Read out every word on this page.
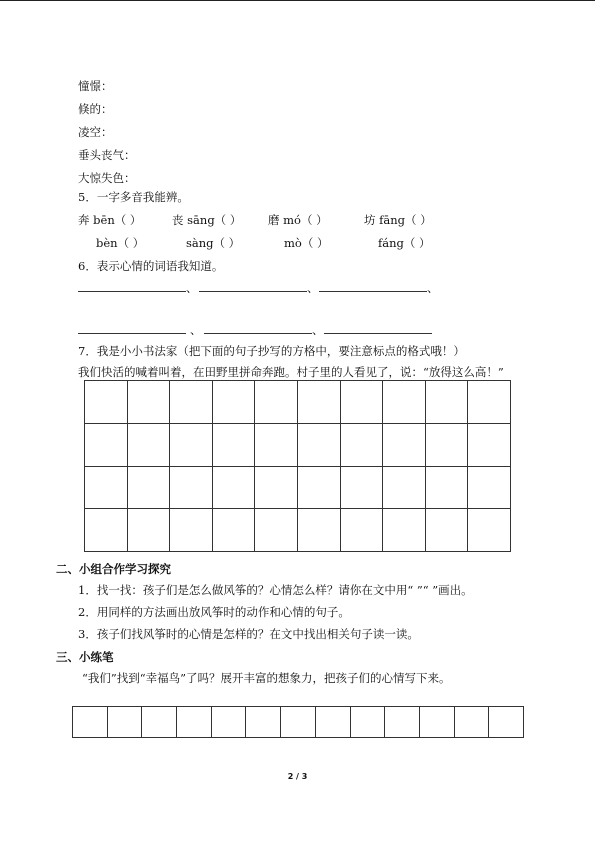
憧憬：
倏的：
凌空：
垂头丧气：
大惊失色：
5．一字多音我能辨。
奔 bēn（ ）	丧 sāng（ ） 磨 mó（ ）	坊 fāng（ ）
bèn（ ）	sàng（ ）	mò（ ）	fáng（ ）
6．表示心情的词语我知道。
、	、	、
、	、
7．我是小小书法家（把下面的句子抄写的方格中，要注意标点的格式哦！）
我们快活的喊着叫着，在田野里拼命奔跑。村子里的人看见了，说：“放得这么高！”

二、小组合作学习探究
1．找一找：孩子们是怎么做风筝的？心情怎么样？请你在文中用“ ”“ ”画出。
2．用同样的方法画出放风筝时的动作和心情的句子。
3．孩子们找风筝时的心情是怎样的？在文中找出相关句子读一读。
三、小练笔
“我们”找到“幸福鸟”了吗？展开丰富的想象力，把孩子们的心情写下来。

2 / 3
